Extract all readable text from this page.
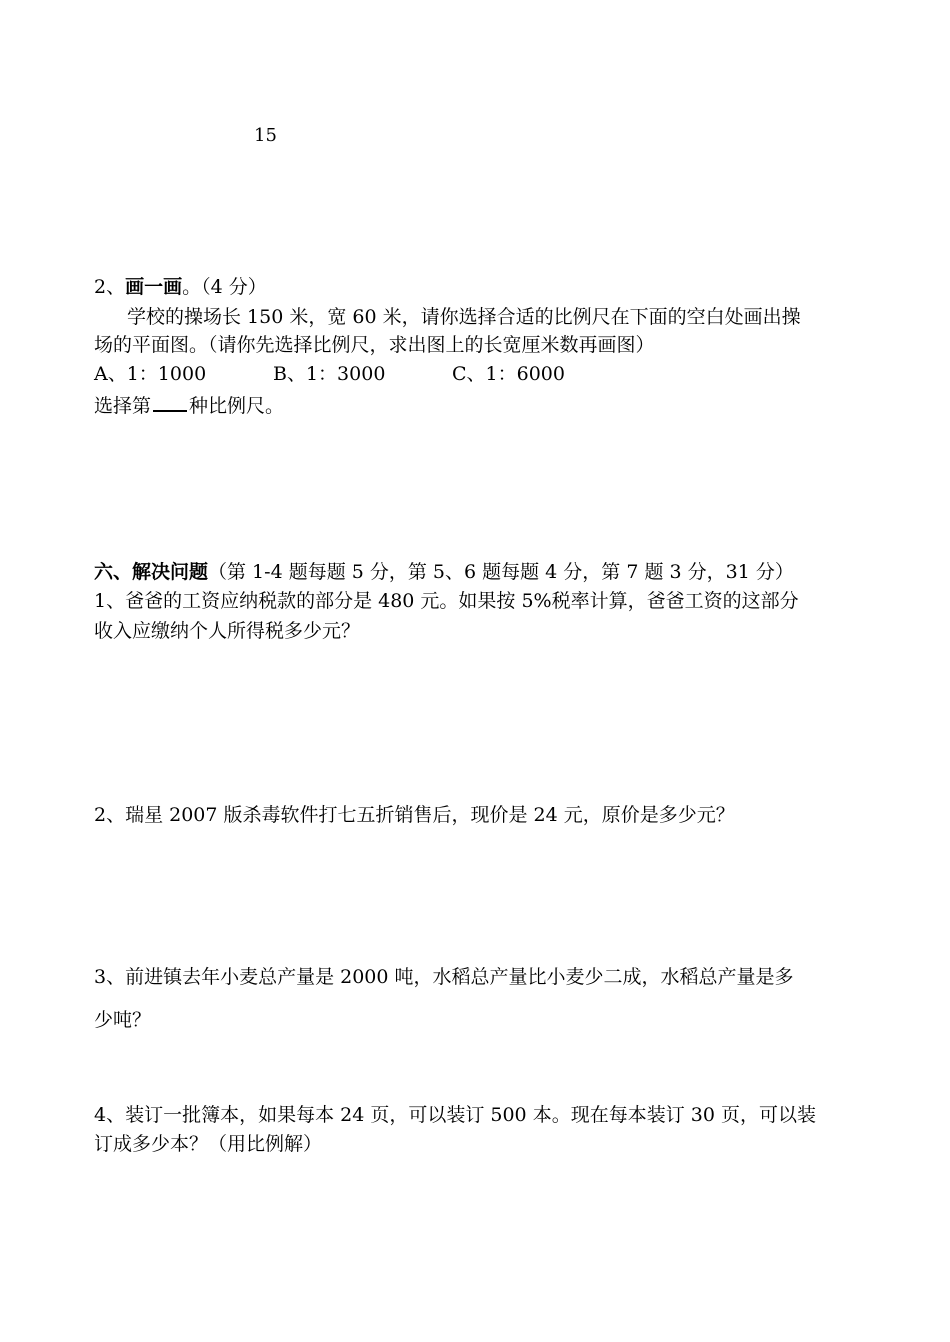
15
2、画一画。（4 分）
学校的操场长 150 米，宽 60 米，请你选择合适的比例尺在下面的空白处画出操
场的平面图。（请你先选择比例尺，求出图上的长宽厘米数再画图）
A、1：1000	B、1：3000	C、1：6000
选择第 种比例尺。
六、解决问题（第 1-4 题每题 5 分，第 5、6 题每题 4 分，第 7 题 3 分，31 分）
1、爸爸的工资应纳税款的部分是 480 元。如果按 5%税率计算，爸爸工资的这部分
收入应缴纳个人所得税多少元？
2、瑞星 2007 版杀毒软件打七五折销售后，现价是 24 元，原价是多少元？
3、前进镇去年小麦总产量是 2000 吨，水稻总产量比小麦少二成，水稻总产量是多
少吨？
4、装订一批簿本，如果每本 24 页，可以装订 500 本。现在每本装订 30 页，可以装
订成多少本？（用比例解）
